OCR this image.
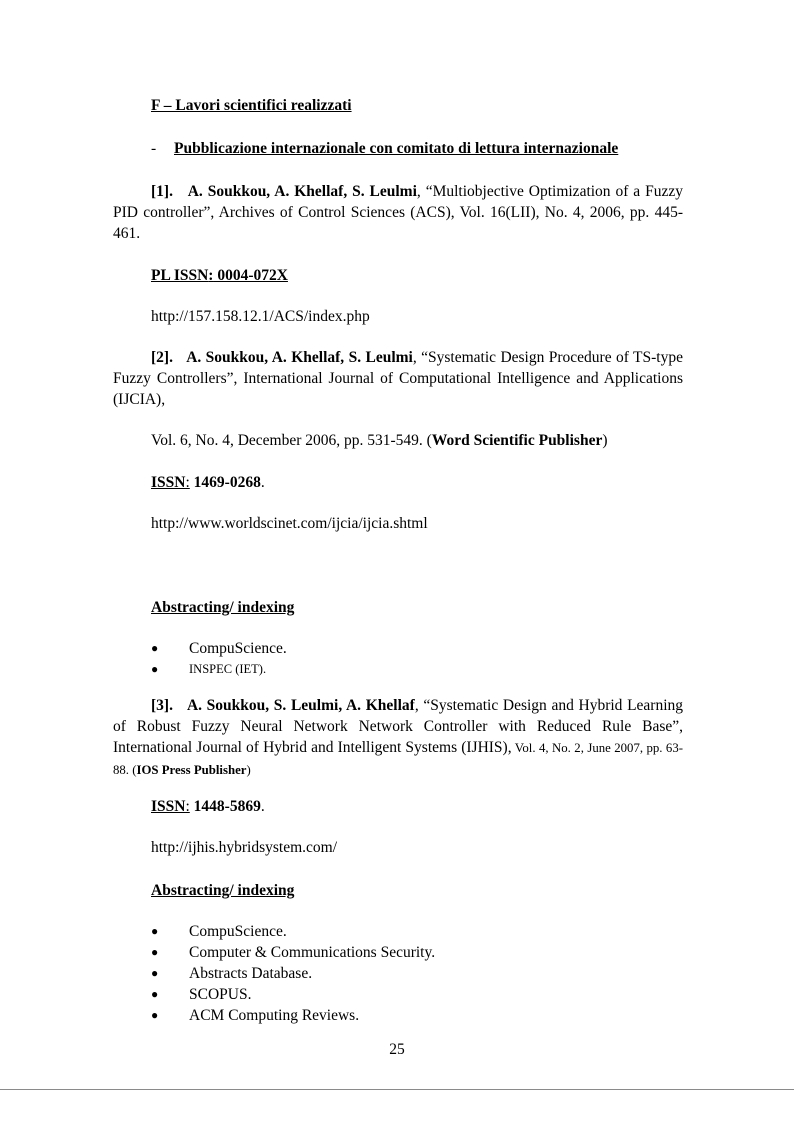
F – Lavori scientifici realizzati

- Pubblicazione internazionale con comitato di lettura internazionale

[1]. A. Soukkou, A. Khellaf, S. Leulmi, “Multiobjective Optimization of a Fuzzy PID controller”, Archives of Control Sciences (ACS), Vol. 16(LII), No. 4, 2006, pp. 445-461.

PL ISSN: 0004-072X

http://157.158.12.1/ACS/index.php

[2]. A. Soukkou, A. Khellaf, S. Leulmi, “Systematic Design Procedure of TS-type Fuzzy Controllers”, International Journal of Computational Intelligence and Applications (IJCIA),

Vol. 6, No. 4, December 2006, pp. 531-549. (Word Scientific Publisher)

ISSN: 1469-0268.

http://www.worldscinet.com/ijcia/ijcia.shtml

Abstracting/ indexing

● CompuScience.
● INSPEC (IET).

[3]. A. Soukkou, S. Leulmi, A. Khellaf, “Systematic Design and Hybrid Learning of Robust Fuzzy Neural Network Network Controller with Reduced Rule Base”, International Journal of Hybrid and Intelligent Systems (IJHIS), Vol. 4, No. 2, June 2007, pp. 63-88. (IOS Press Publisher)

ISSN: 1448-5869.

http://ijhis.hybridsystem.com/

Abstracting/ indexing

● CompuScience.
● Computer & Communications Security.
● Abstracts Database.
● SCOPUS.
● ACM Computing Reviews.
25
